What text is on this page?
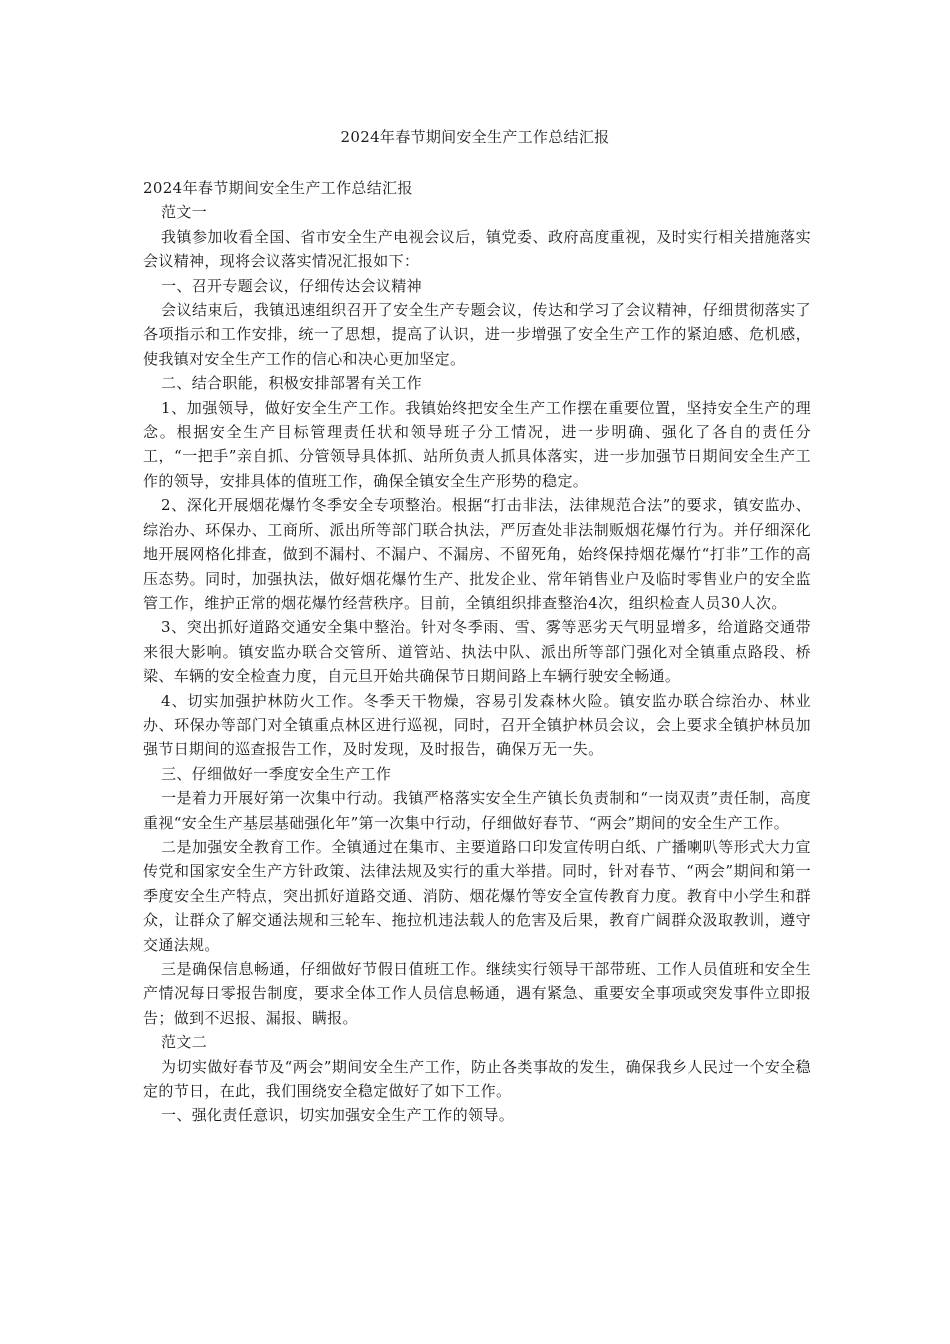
2024年春节期间安全生产工作总结汇报

2024年春节期间安全生产工作总结汇报

范文一

我镇参加收看全国、省市安全生产电视会议后，镇党委、政府高度重视，及时实行相关措施落实会议精神，现将会议落实情况汇报如下：

一、召开专题会议，仔细传达会议精神

会议结束后，我镇迅速组织召开了安全生产专题会议，传达和学习了会议精神，仔细贯彻落实了各项指示和工作安排，统一了思想，提高了认识，进一步增强了安全生产工作的紧迫感、危机感，使我镇对安全生产工作的信心和决心更加坚定。

二、结合职能，积极安排部署有关工作

1、加强领导，做好安全生产工作。我镇始终把安全生产工作摆在重要位置，坚持安全生产的理念。根据安全生产目标管理责任状和领导班子分工情况，进一步明确、强化了各自的责任分工，“一把手”亲自抓、分管领导具体抓、站所负责人抓具体落实，进一步加强节日期间安全生产工作的领导，安排具体的值班工作，确保全镇安全生产形势的稳定。

2、深化开展烟花爆竹冬季安全专项整治。根据“打击非法，法律规范合法”的要求，镇安监办、综治办、环保办、工商所、派出所等部门联合执法，严厉查处非法制贩烟花爆竹行为。并仔细深化地开展网格化排查，做到不漏村、不漏户、不漏房、不留死角，始终保持烟花爆竹“打非”工作的高压态势。同时，加强执法，做好烟花爆竹生产、批发企业、常年销售业户及临时零售业户的安全监管工作，维护正常的烟花爆竹经营秩序。目前，全镇组织排查整治4次，组织检查人员30人次。

3、突出抓好道路交通安全集中整治。针对冬季雨、雪、雾等恶劣天气明显增多，给道路交通带来很大影响。镇安监办联合交管所、道管站、执法中队、派出所等部门强化对全镇重点路段、桥梁、车辆的安全检查力度，自元旦开始共确保节日期间路上车辆行驶安全畅通。

4、切实加强护林防火工作。冬季天干物燥，容易引发森林火险。镇安监办联合综治办、林业办、环保办等部门对全镇重点林区进行巡视，同时，召开全镇护林员会议，会上要求全镇护林员加强节日期间的巡查报告工作，及时发现，及时报告，确保万无一失。

三、仔细做好一季度安全生产工作

一是着力开展好第一次集中行动。我镇严格落实安全生产镇长负责制和“一岗双责”责任制，高度重视“安全生产基层基础强化年”第一次集中行动，仔细做好春节、“两会”期间的安全生产工作。

二是加强安全教育工作。全镇通过在集市、主要道路口印发宣传明白纸、广播喇叭等形式大力宣传党和国家安全生产方针政策、法律法规及实行的重大举措。同时，针对春节、“两会”期间和第一季度安全生产特点，突出抓好道路交通、消防、烟花爆竹等安全宣传教育力度。教育中小学生和群众，让群众了解交通法规和三轮车、拖拉机违法载人的危害及后果，教育广阔群众汲取教训，遵守交通法规。

三是确保信息畅通，仔细做好节假日值班工作。继续实行领导干部带班、工作人员值班和安全生产情况每日零报告制度，要求全体工作人员信息畅通，遇有紧急、重要安全事项或突发事件立即报告；做到不迟报、漏报、瞒报。

范文二

为切实做好春节及“两会”期间安全生产工作，防止各类事故的发生，确保我乡人民过一个安全稳定的节日，在此，我们围绕安全稳定做好了如下工作。

一、强化责任意识，切实加强安全生产工作的领导。
